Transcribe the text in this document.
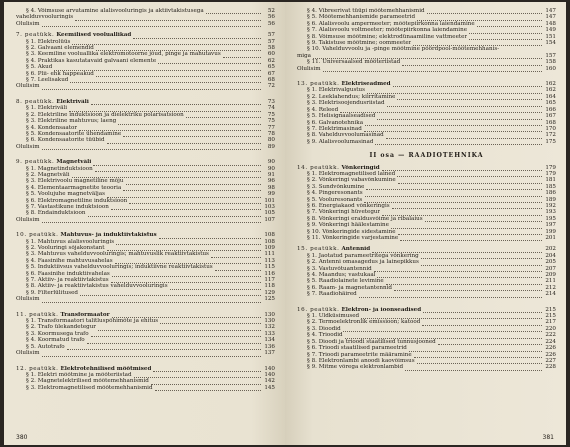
§ 4. Võimsuse arvutamine alalisvooluringis ja aktiivtakistusega	52
vahelduvvooluringis	56
Olulisim	56
7. peatükk. Keemilised vooluallikad	57
§ 1. Elektrolüüs	57
§ 2. Galvaani elemendid	58
§ 3. Keemiline vooluallika elektromotoorne jõud, pinge ja mahutavus	60
§ 4. Praktikas kasutatavaid galvaani elemente	62
§ 5. Akud	65
§ 6. Plii- ehk happeakud	67
§ 7. Leelisakud	68
Olulisim	72
8. peatükk. Elektriväli	73
§ 1. Elektriväli	74
§ 2. Elektriline induktsioon ja dielektriku polarisatsioon	75
§ 3. Elektriline mahtuvus; laeng	75
§ 4. Kondensaator	77
§ 5. Kondensaatorite ühendamine	78
§ 6. Kondensaatorite tüübid	80
Olulisim	89
9. peatükk. Magnetväli	90
§ 1. Magnetinduktsioon	90
§ 2. Magnetväli	91
§ 3. Elektrivoolu magnetiline mõju	96
§ 4. Elementaarmagnetite teooria	98
§ 5. Voolujuhe magnetväljas	99
§ 6. Elektromagnetiline induktsioon	101
§ 7. Vastastikune induktsioon	103
§ 8. Endainduktsioon	105
Olulisim	107
10. peatükk. Mahtuvus- ja induktiivtakistus	108
§ 1. Mahtuvus alalisvooluringis	108
§ 2. Vooluringi sõjakonstant	109
§ 3. Mahtuvus vahelduvvooluringis; mahtuvuslik reaktiivtakistus	111
§ 4. Faasinihe mahtuvusahelas	113
§ 5. Induktiivsus vahelduvvooluringis; induktiivne reaktiivtakistus	115
§ 6. Faasinihe induktiivahelas	116
§ 7. Aktiiv- ja reaktiivtakistus	117
§ 8. Aktiiv- ja reaktiivtakistus vahelduvvooluringis	118
§ 9. Filterlülitused	129
Olulisim	125
11. peatükk. Transformaator	130
§ 1. Transformaatori talitluspõhimõte ja ehitus	130
§ 2. Trafo ülekandetegur	132
§ 3. Koormusega trafo	133
§ 4. Koormatud trafo	134
§ 5. Autotrafo	136
Olulisim	137
12. peatükk. Elektrotehnilised mõõtmised	140
§ 1. Elektri mõõtmine ja mõõteriistad	140
§ 2. Magnetelektrilised mõõtemehhanismid	142
§ 3. Elektromagnetilised mõõtemehhanismid	145
380
§ 4. Vibreerivat tüüpi mõõtemehhanismid	147
§ 5. Mõõtemehhanismide parameetrid	147
§ 6. Alalisvoolu ampermeeter; mõõtepiirkonna laiendamine	148
§ 7. Alalisvoolu voltmeeter; mõõtepiirkonna laiendamine	149
§ 8. Võimsuse mõõtmine; elektrodünaamiline vattmeeter	151
§ 9. Takistuse mõõtmine; oommeeter	154
§ 10. Vahelduvvoolu ja -pinge mõõtmine põördpool-mõõtemehhanis-
miga	157
§ 11. Universaalsed mõõteriistad	158
Olulisim	160
13. peatükk. Elektriseadmed	162
§ 1. Elektrivalgustus	162
§ 2. Leeklahendus; kiirritamine	164
§ 3. Elektrisoojendusriistad	165
§ 4. Releed	166
§ 5. Helisignaalseadised	167
§ 6. Galvanotehnika	168
§ 7. Elektrimasinad	170
§ 8. Vahelduvvoolumasinad	172
§ 9. Alalisvoolumasinad	175
II osa — RAADIOTEHNIKA
14. peatükk. Võnkeringid	179
§ 1. Elektromagnetilised lained	179
§ 2. Võnkeringi vabavõnkumine	181
§ 3. Sundvõnkumine	185
§ 4. Pingeresonants	186
§ 5. Vooluresonants	189
§ 6. Energiakaod võnkeringis	192
§ 7. Võnkeringi hüvetegur	193
§ 8. Võnkeringi eraldusvõime ja ribalaius	195
§ 9. Võnkeringi häälestamine	197
§ 10. Võnkeringide sidestamine	199
§ 11. Võnkeringide varjestamine	201
15. peatükk. Antennid	202
§ 1. Jaotatud parameetritega võnkering	204
§ 2. Antenni omasagedus ja lainepikkus	205
§ 3. Vastuvõtuantennid	207
§ 4. Maandus; vastukaal	209
§ 5. Raadiolainete levimine	211
§ 6. Raam- ja magnetantennid	212
§ 7. Raadiohäired	214
16. peatükk. Elektron- ja ioonseadised	215
§ 1. Üldküsimused	215
§ 2. Termoelektronlik emissioon; katood	217
§ 3. Dioodid	220
§ 4. Trioodid	222
§ 5. Dioodi ja trioodi staatilised tunnusjooned	224
§ 6. Trioodi staatilised parameetrid	226
§ 7. Trioodi parameetrite määramine	226
§ 8. Elektronlambi anoodi kaovõimsus	227
§ 9. Mitme võrega elektronlambid	228
381
